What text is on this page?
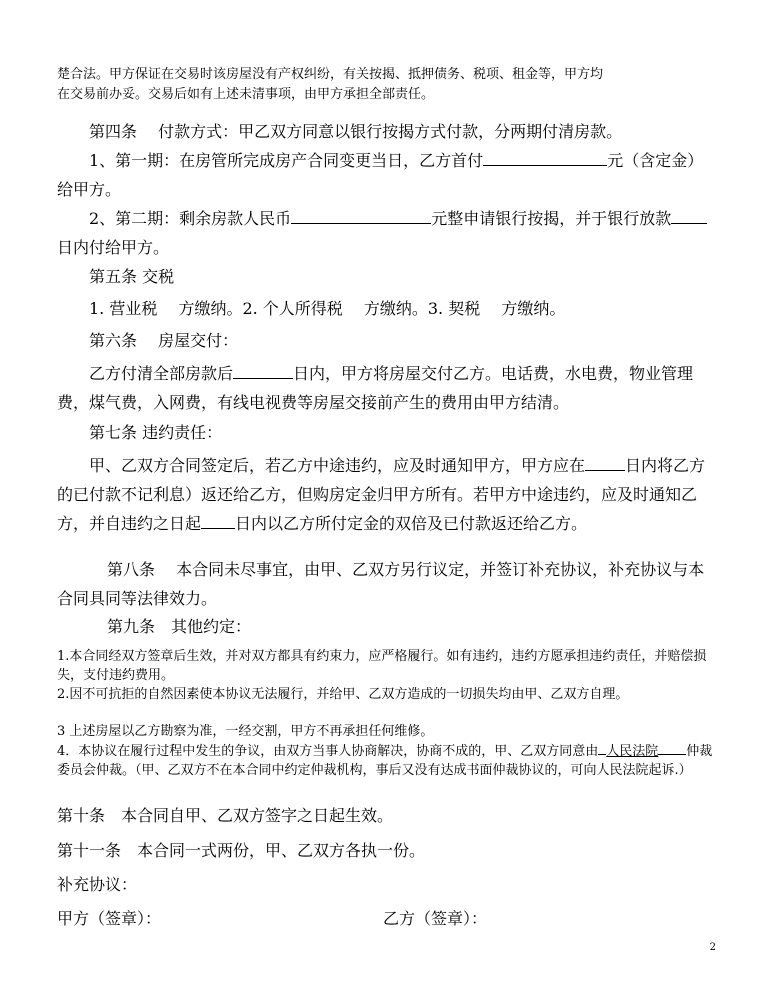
楚合法。甲方保证在交易时该房屋没有产权纠纷，有关按揭、抵押债务、税项、租金等，甲方均

在交易前办妥。交易后如有上述未清事项，由甲方承担全部责任。

第四条　 付款方式：甲乙双方同意以银行按揭方式付款，分两期付清房款。

1、第一期：在房管所完成房产合同变更当日，乙方首付	元（含定金）给甲方。

2、第二期：剩余房款人民币	元整申请银行按揭，并于银行放款日内付给甲方。

第五条 交税

1. 营业税　 方缴纳。2. 个人所得税　 方缴纳。3. 契税　 方缴纳。

第六条　 房屋交付：

乙方付清全部房款后	日内，甲方将房屋交付乙方。电话费，水电费，物业管理费，煤气费，入网费，有线电视费等房屋交接前产生的费用由甲方结清。

第七条 违约责任：

甲、乙双方合同签定后，若乙方中途违约，应及时通知甲方，甲方应在	日内将乙方的已付款不记利息）返还给乙方，但购房定金归甲方所有。若甲方中途违约，应及时通知乙方，并自违约之日起 日内以乙方所付定金的双倍及已付款返还给乙方。

第八条　 本合同未尽事宜，由甲、乙双方另行议定，并签订补充协议，补充协议与本合同具同等法律效力。

第九条　其他约定：

1.本合同经双方签章后生效，并对双方都具有约束力，应严格履行。如有违约，违约方愿承担违约责任，并赔偿损失，支付违约费用。

2.因不可抗拒的自然因素使本协议无法履行，并给甲、乙双方造成的一切损失均由甲、乙双方自理。

3 上述房屋以乙方勘察为准，一经交割，甲方不再承担任何维修。

4．本协议在履行过程中发生的争议，由双方当事人协商解决，协商不成的，甲、乙双方同意由 人民法院 仲裁委员会仲裁。（甲、乙双方不在本合同中约定仲裁机构，事后又没有达成书面仲裁协议的，可向人民法院起诉.）

第十条　本合同自甲、乙双方签字之日起生效。

第十一条　本合同一式两份，甲、乙双方各执一份。

补充协议：

甲方（签章）：	乙方（签章）：

2
